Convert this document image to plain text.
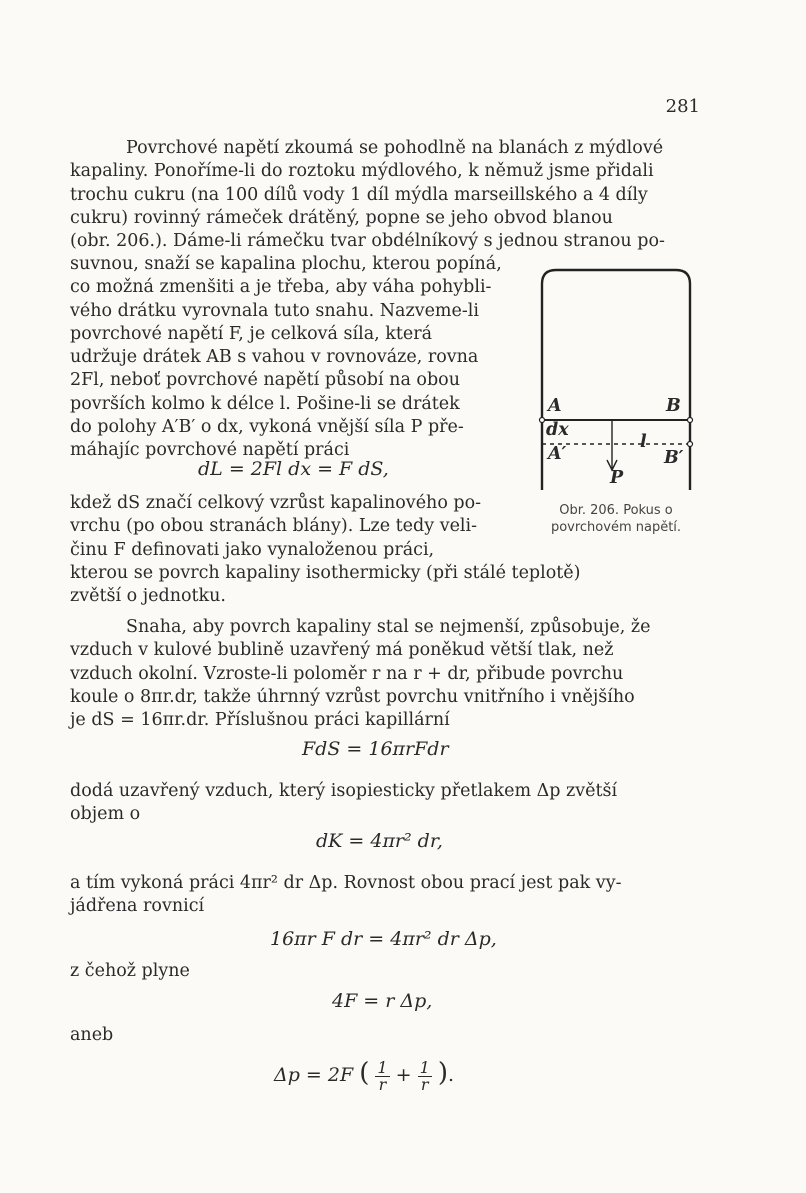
281

Povrchové napětí zkoumá se pohodlně na blanách z mýdlové

kapaliny. Ponoříme-li do roztoku mýdlového, k němuž jsme přidali

trochu cukru (na 100 dílů vody 1 díl mýdla marseillského a 4 díly

cukru) rovinný rámeček drátěný, popne se jeho obvod blanou

(obr. 206.). Dáme-li rámečku tvar obdélníkový s jednou stranou po-

suvnou, snaží se kapalina plochu, kterou popíná,

co možná zmenšiti a je třeba, aby váha pohybli-

vého drátku vyrovnala tuto snahu. Nazveme-li

povrchové napětí F, je celková síla, která

udržuje drátek AB s vahou v rovnováze, rovna

2Fl, neboť povrchové napětí působí na obou

površích kolmo k délce l. Pošine-li se drátek

do polohy A′B′ o dx, vykoná vnější síla P pře-

máhajíc povrchové napětí práci

dL = 2Fl dx = F dS,

kdež dS značí celkový vzrůst kapalinového po-

vrchu (po obou stranách blány). Lze tedy veli-

činu F definovati jako vynaloženou práci,

kterou se povrch kapaliny isothermicky (při stálé teplotě)

zvětší o jednotku.

A	B
dx
A′	B′
l
P
Obr. 206. Pokus o
povrchovém napětí.

Snaha, aby povrch kapaliny stal se nejmenší, způsobuje, že

vzduch v kulové bublině uzavřený má poněkud větší tlak, než

vzduch okolní. Vzroste-li poloměr r na r + dr, přibude povrchu

koule o 8πr.dr, takže úhrnný vzrůst povrchu vnitřního i vnějšího

je dS = 16πr.dr. Příslušnou práci kapillární

FdS = 16πrFdr

dodá uzavřený vzduch, který isopiesticky přetlakem Δp zvětší

objem o

dK = 4πr² dr,

a tím vykoná práci 4πr² dr Δp. Rovnost obou prací jest pak vy-

jádřena rovnicí

16πr F dr = 4πr² dr Δp,
z čehož plyne
4F = r Δp,
aneb
Δp = 2F ( $\frac{1}{r} + \frac{1}{r}$ ).
